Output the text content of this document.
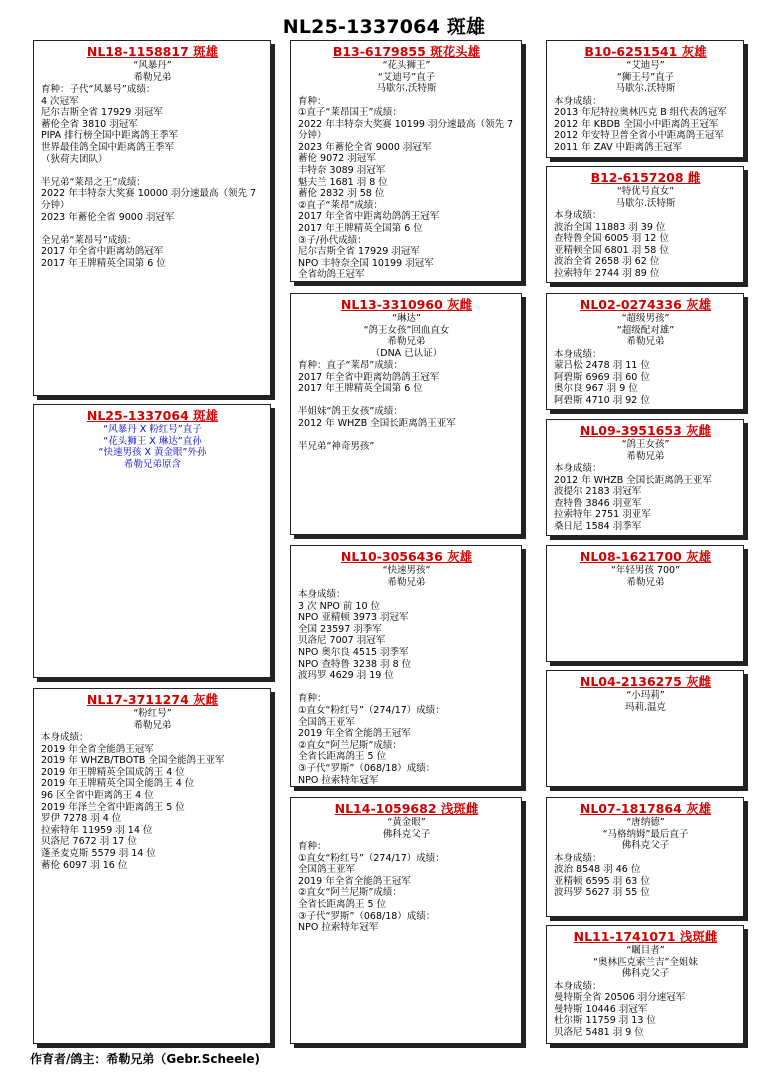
NL25-1337064 斑雄
NL18-1158817 斑雄
“风暴丹”
希勒兄弟
育种：子代“风暴号”成绩：
4 次冠军
尼尔吉斯全省 17929 羽冠军
蓄伦全省 3810 羽冠军
PIPA 排行榜全国中距离鸽王季军
世界最佳鸽全国中距离鸽王季军
（狄荷夫团队）
半兄弟“莱昂之王”成绩：
2022 年丰特奈大奖赛 10000 羽分速最高（领先 7
分钟）
2023 年蓄伦全省 9000 羽冠军
全兄弟“莱昂号”成绩：
2017 年全省中距离幼鸽冠军
2017 年王牌精英全国第 6 位
NL25-1337064 斑雄
“风暴丹 X 粉红号”直子
“花头狮王 X 琳达”直孙
“快速男孩 X 黄金眼”外孙
希勒兄弟原含
NL17-3711274 灰雌
“粉红号”
希勒兄弟
本身成绩：
2019 年全省全能鸽王冠军
2019 年 WHZB/TBOTB 全国全能鸽王亚军
2019 年王牌精英全国成鸽王 4 位
2019 年王牌精英全国全能鸽王 4 位
96 区全省中距离鸽王 4 位
2019 年泽兰全省中距离鸽王 5 位
罗伊 7278 羽 4 位
拉索特年 11959 羽 14 位
贝洛尼 7672 羽 17 位
蓬圣麦克斯 5579 羽 14 位
蓄伦 6097 羽 16 位
B13-6179855 斑花头雄
“花头狮王”
“艾迪号”直子
马歇尔.沃特斯
育种：
①直子“莱昂国王”成绩：
2022 年丰特奈大奖赛 10199 羽分速最高（领先 7
分钟）
2023 年蓄伦全省 9000 羽冠军
蓄伦 9072 羽冠军
丰特奈 3089 羽冠军
魁夫兰 1681 羽 8 位
蓄伦 2832 羽 58 位
②直子“莱昂”成绩：
2017 年全省中距离幼鸽鸽王冠军
2017 年王牌精英全国第 6 位
③子/孙代成绩：
尼尔吉斯全省 17929 羽冠军
NPO 丰特奈全国 10199 羽冠军
全省幼鸽王冠军
NL13-3310960 灰雌
“琳达”
“鸽王女孩”回血直女
希勒兄弟
（DNA 已认证）
育种：直子“莱昂”成绩：
2017 年全省中距离幼鸽鸽王冠军
2017 年王牌精英全国第 6 位
半姐妹“鸽王女孩”成绩：
2012 年 WHZB 全国长距离鸽王亚军
半兄弟“神奇男孩”
NL10-3056436 灰雄
“快速男孩”
希勒兄弟
本身成绩：
3 次 NPO 前 10 位
NPO 亚精顿 3973 羽冠军
全国 23597 羽季军
贝洛尼 7007 羽冠军
NPO 奥尔良 4515 羽季军
NPO 查特鲁 3238 羽 8 位
波玛罗 4629 羽 19 位
育种：
①直女“粉红号”（274/17）成绩：
全国鸽王亚军
2019 年全省全能鸽王冠军
②直女“阿兰尼斯”成绩：
全省长距离鸽王 5 位
③子代“罗斯”（068/18）成绩：
NPO 拉索特年冠军
NL14-1059682 浅斑雌
“黄金眼”
佛科克父子
育种：
①直女“粉红号”（274/17）成绩：
全国鸽王亚军
2019 年全省全能鸽王冠军
②直女“阿兰尼斯”成绩：
全省长距离鸽王 5 位
③子代“罗斯”（068/18）成绩：
NPO 拉索特年冠军
B10-6251541 灰雄
“艾迪号”
“狮王号”直子
马歇尔.沃特斯
本身成绩：
2013 年尼特拉奥林匹克 B 组代表鸽冠军
2012 年 KBDB 全国小中距离鸽王冠军
2012 年安特卫普全省小中距离鸽王冠军
2011 年 ZAV 中距离鸽王冠军
B12-6157208 雌
“特优号直女”
马歇尔.沃特斯
本身成绩：
波治全国 11883 羽 39 位
查特鲁全国 6005 羽 12 位
亚精顿全国 6801 羽 58 位
波治全省 2658 羽 62 位
拉索特年 2744 羽 89 位
NL02-0274336 灰雄
“超级男孩”
“超级配对雄”
希勒兄弟
本身成绩：
蒙吕松 2478 羽 11 位
阿碧斯 6969 羽 60 位
奥尔良 967 羽 9 位
阿碧斯 4710 羽 92 位
NL09-3951653 灰雌
“鸽王女孩”
希勒兄弟
本身成绩：
2012 年 WHZB 全国长距离鸽王亚军
波提尔 2183 羽冠军
查特鲁 3846 羽亚军
拉索特年 2751 羽亚军
桑日尼 1584 羽季军
NL08-1621700 灰雄
“年轻男孩 700”
希勒兄弟
NL04-2136275 灰雌
“小玛莉”
玛莉.温克
NL07-1817864 灰雄
“唐纳德”
“马格纳姆”最后直子
佛科克父子
本身成绩：
波治 8548 羽 46 位
亚精顿 6595 羽 63 位
波玛罗 5627 羽 55 位
NL11-1741071 浅斑雌
“瞩目者”
“奥林匹克索兰吉”全姐妹
佛科克父子
本身成绩：
曼特斯全省 20506 羽分速冠军
曼特斯 10446 羽冠军
杜尔斯 11759 羽 13 位
贝洛尼 5481 羽 9 位
作育者/鸽主：希勒兄弟（Gebr.Scheele)
